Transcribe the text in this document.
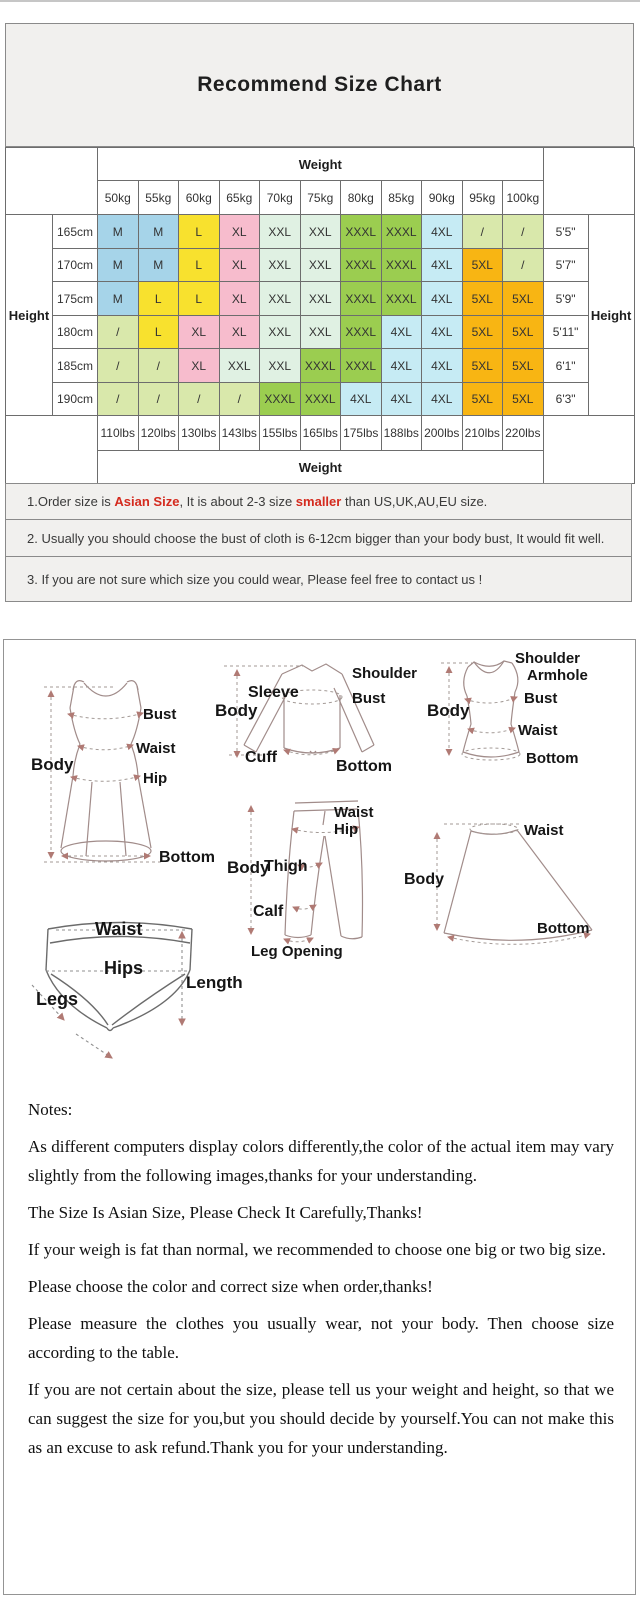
Recommend Size Chart
		Weight												
		50kg	55kg	60kg	65kg	70kg	75kg	80kg	85kg	90kg	95kg	100kg		
Height	165cm	M	M	L	XL	XXL	XXL	XXXL	XXXL	4XL	/	/	5'5"	Height
	170cm	M	M	L	XL	XXL	XXL	XXXL	XXXL	4XL	5XL	/	5'7"	
	175cm	M	L	L	XL	XXL	XXL	XXXL	XXXL	4XL	5XL	5XL	5'9"	
	180cm	/	L	XL	XL	XXL	XXL	XXXL	4XL	4XL	5XL	5XL	5'11"	
	185cm	/	/	XL	XXL	XXL	XXXL	XXXL	4XL	4XL	5XL	5XL	6'1"	
	190cm	/	/	/	/	XXXL	XXXL	4XL	4XL	4XL	5XL	5XL	6'3"	
		110lbs	120lbs	130lbs	143lbs	155lbs	165lbs	175lbs	188lbs	200lbs	210lbs	220lbs		
		Weight												
1.Order size is Asian Size, It is about 2-3 size smaller than US,UK,AU,EU size.
2. Usually you should choose the bust of cloth is 6-12cm bigger than your body bust, It would fit well.
3. If you are not sure which size you could wear, Please feel free to contact us !
Body
Bust
Waist
Hip
Bottom
Shoulder
Sleeve
Body
Bust
Cuff
Bottom
Shoulder
Armhole
Body
Bust
Waist
Bottom
Waist
Hip
Body
Thigh
Calf
Leg Opening
Waist
Body
Bottom
Waist
Hips
Legs
Length
Notes:

As different computers display colors differently,the color of the actual item may vary slightly from the following images,thanks for your understanding.

The Size Is Asian Size, Please Check It Carefully,Thanks!

If your weigh is fat than normal, we recommended to choose one big or two big size.

Please choose the color and correct size when order,thanks!

Please measure the clothes you usually wear, not your body. Then choose size according to the table.

If you are not certain about the size, please tell us your weight and height, so that we can suggest the size for you,but you should decide by yourself.You can not make this as an excuse to ask refund.Thank you for your understanding.
